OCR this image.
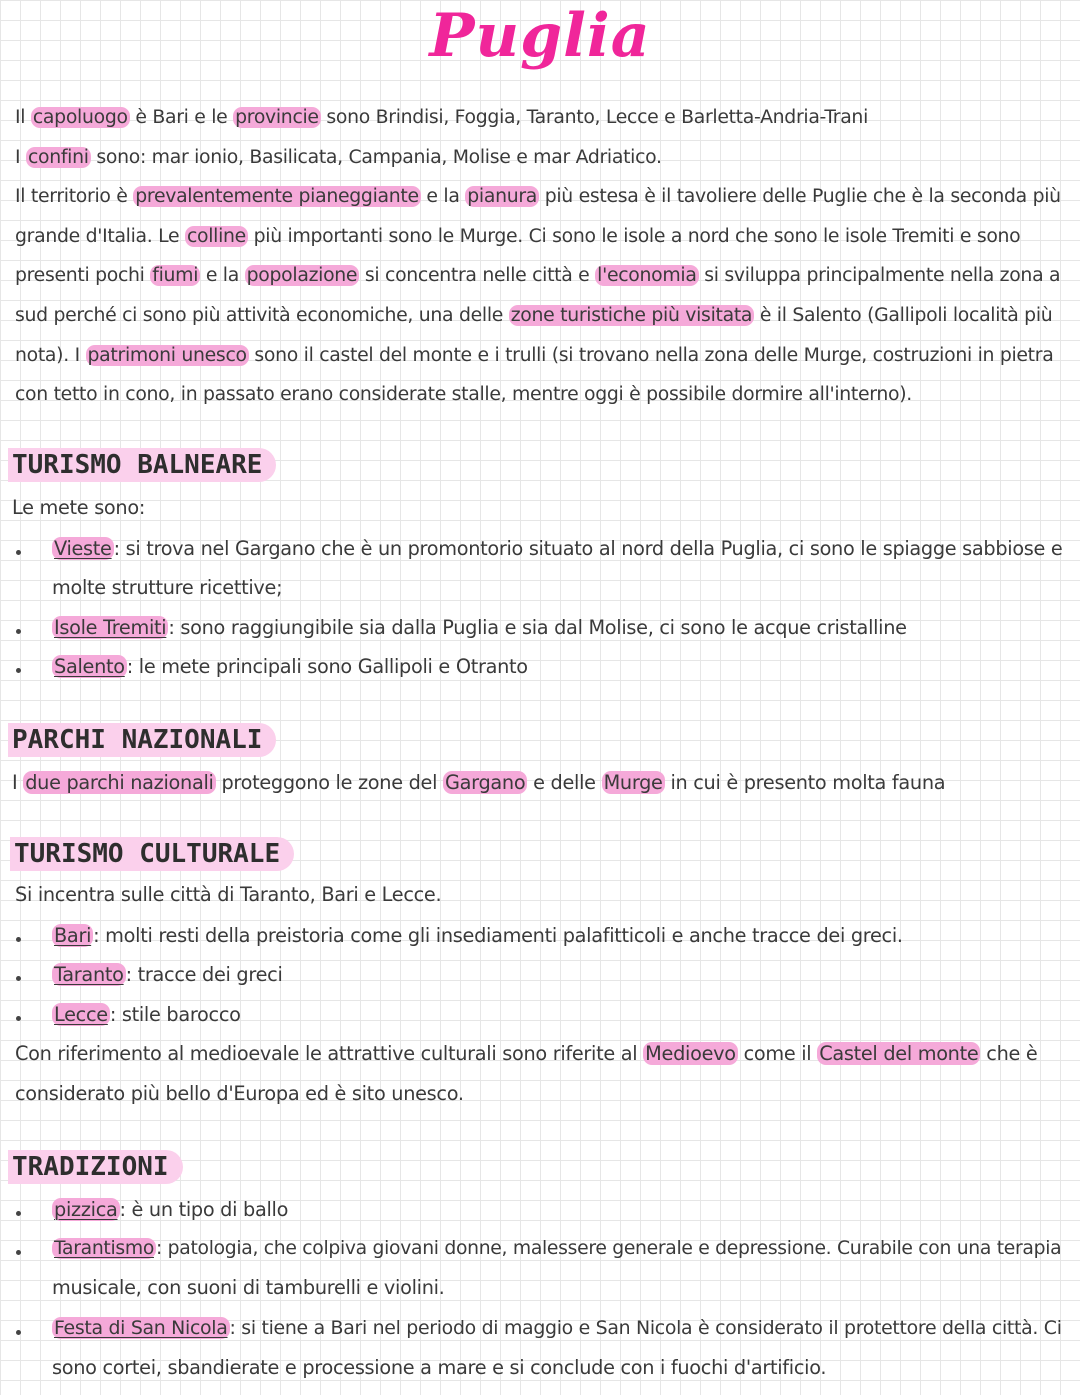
Puglia
Il capoluogo è Bari e le provincie sono Brindisi, Foggia, Taranto, Lecce e Barletta-Andria-Trani
I confini sono: mar ionio, Basilicata, Campania, Molise e mar Adriatico.
Il territorio è prevalentemente pianeggiante e la pianura più estesa è il tavoliere delle Puglie che è la seconda più
grande d'Italia. Le colline più importanti sono le Murge. Ci sono le isole a nord che sono le isole Tremiti e sono
presenti pochi fiumi e la popolazione si concentra nelle città e l'economia si sviluppa principalmente nella zona a
sud perché ci sono più attività economiche, una delle zone turistiche più visitata è il Salento (Gallipoli località più
nota). I patrimoni unesco sono il castel del monte e i trulli (si trovano nella zona delle Murge, costruzioni in pietra
con tetto in cono, in passato erano considerate stalle, mentre oggi è possibile dormire all'interno).
TURISMO BALNEARE
Le mete sono:
Vieste : si trova nel Gargano che è un promontorio situato al nord della Puglia, ci sono le spiagge sabbiose e
molte strutture ricettive;
Isole Tremiti : sono raggiungibile sia dalla Puglia e sia dal Molise, ci sono le acque cristalline
Salento : le mete principali sono Gallipoli e Otranto
PARCHI NAZIONALI
I due parchi nazionali proteggono le zone del Gargano e delle Murge in cui è presento molta fauna
TURISMO CULTURALE
Si incentra sulle città di Taranto, Bari e Lecce.
Bari : molti resti della preistoria come gli insediamenti palafitticoli e anche tracce dei greci.
Taranto : tracce dei greci
Lecce : stile barocco
Con riferimento al medioevale le attrattive culturali sono riferite al Medioevo come il Castel del monte che è
considerato più bello d'Europa ed è sito unesco.
TRADIZIONI
pizzica : è un tipo di ballo
Tarantismo : patologia, che colpiva giovani donne, malessere generale e depressione. Curabile con una terapia
musicale, con suoni di tamburelli e violini.
Festa di San Nicola : si tiene a Bari nel periodo di maggio e San Nicola è considerato il protettore della città. Ci
sono cortei, sbandierate e processione a mare e si conclude con i fuochi d'artificio.
